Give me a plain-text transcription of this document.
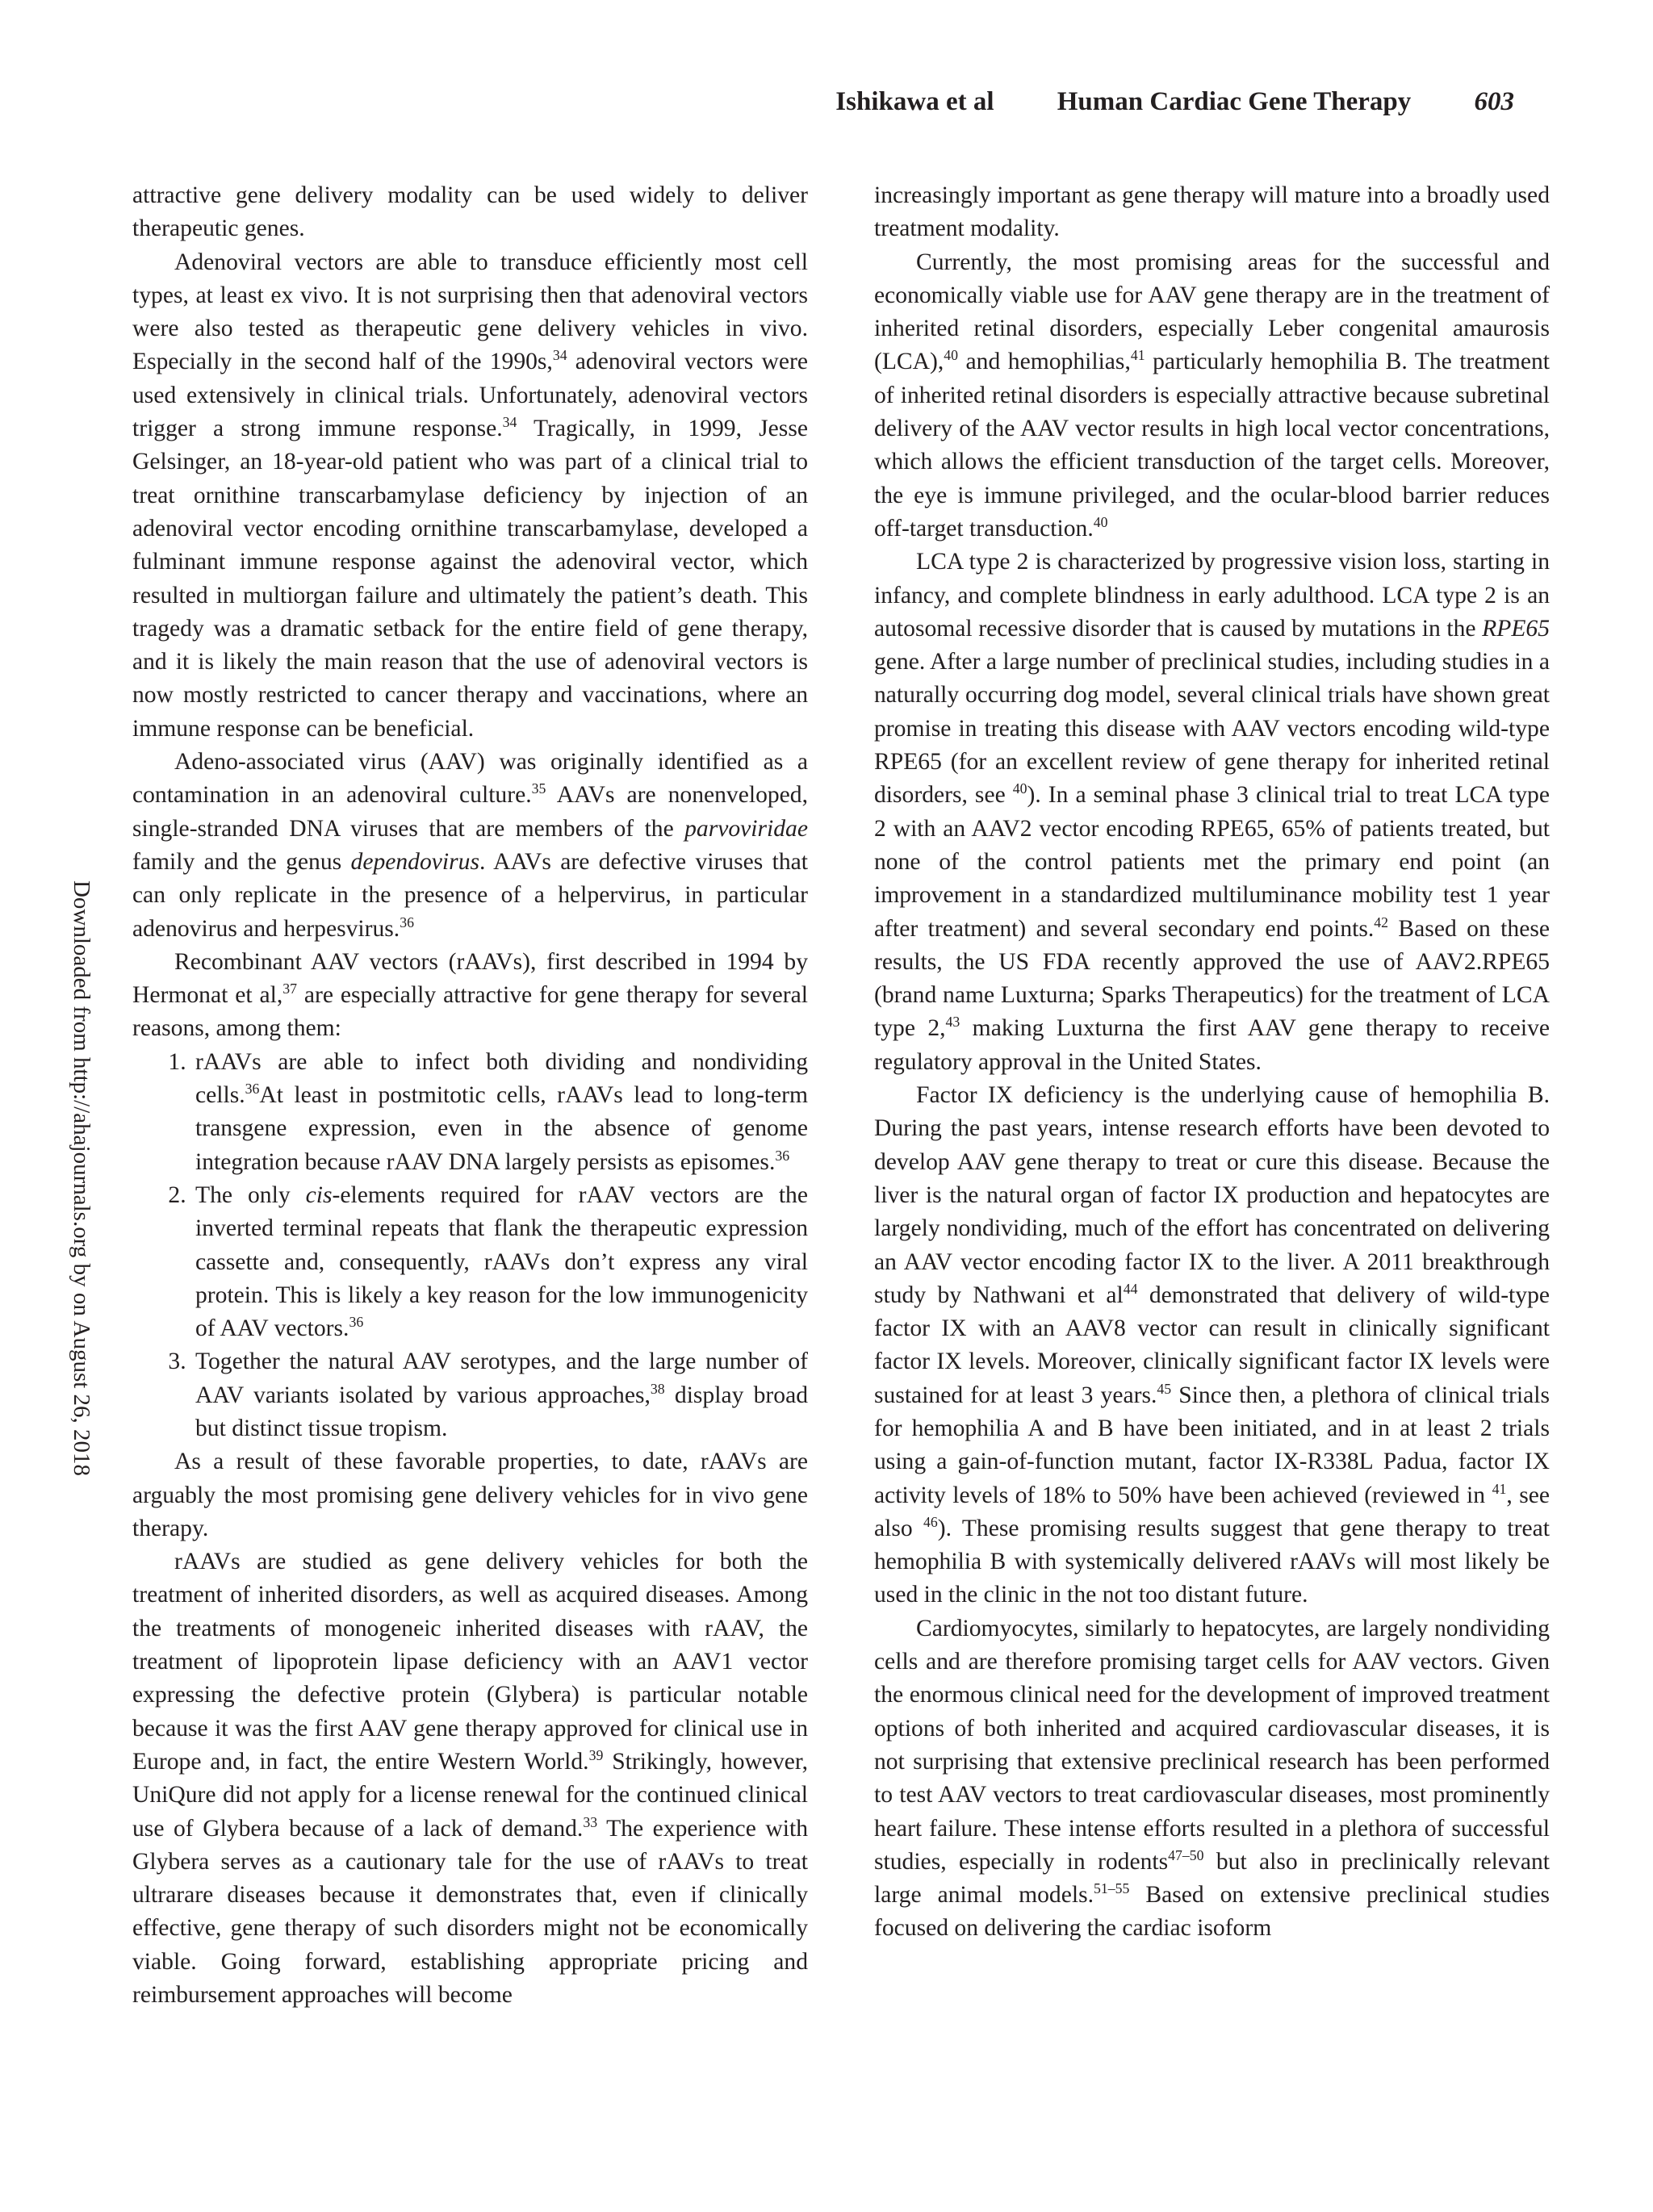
Ishikawa et al Human Cardiac Gene Therapy 603
Downloaded from http://ahajournals.org by on August 26, 2018

attractive gene delivery modality can be used widely to deliver therapeutic genes.

Adenoviral vectors are able to transduce efficiently most cell types, at least ex vivo. It is not surprising then that adenoviral vectors were also tested as therapeutic gene delivery vehicles in vivo. Especially in the second half of the 1990s,$^{34}$ adenoviral vectors were used extensively in clinical trials. Unfortunately, adenoviral vectors trigger a strong immune response.$^{34}$ Tragically, in 1999, Jesse Gelsinger, an 18-year-old patient who was part of a clinical trial to treat ornithine transcarbamylase deficiency by injection of an adenoviral vector encoding ornithine transcarbamylase, developed a fulminant immune response against the adenoviral vector, which resulted in multiorgan failure and ultimately the patient’s death. This tragedy was a dramatic setback for the entire field of gene therapy, and it is likely the main reason that the use of adenoviral vectors is now mostly restricted to cancer therapy and vaccinations, where an immune response can be beneficial.

Adeno-associated virus (AAV) was originally identified as a contamination in an adenoviral culture.$^{35}$ AAVs are nonenveloped, single-stranded DNA viruses that are members of the parvoviridae family and the genus dependovirus. AAVs are defective viruses that can only replicate in the presence of a helpervirus, in particular adenovirus and herpesvirus.$^{36}$

Recombinant AAV vectors (rAAVs), first described in 1994 by Hermonat et al,$^{37}$ are especially attractive for gene therapy for several reasons, among them:

1. rAAVs are able to infect both dividing and nondividing cells.$^{36}$At least in postmitotic cells, rAAVs lead to long-term transgene expression, even in the absence of genome integration because rAAV DNA largely persists as episomes.$^{36}$
2. The only cis-elements required for rAAV vectors are the inverted terminal repeats that flank the therapeutic expression cassette and, consequently, rAAVs don’t express any viral protein. This is likely a key reason for the low immunogenicity of AAV vectors.$^{36}$
3. Together the natural AAV serotypes, and the large number of AAV variants isolated by various approaches,$^{38}$ display broad but distinct tissue tropism.

As a result of these favorable properties, to date, rAAVs are arguably the most promising gene delivery vehicles for in vivo gene therapy.

rAAVs are studied as gene delivery vehicles for both the treatment of inherited disorders, as well as acquired diseases. Among the treatments of monogeneic inherited diseases with rAAV, the treatment of lipoprotein lipase deficiency with an AAV1 vector expressing the defective protein (Glybera) is particular notable because it was the first AAV gene therapy approved for clinical use in Europe and, in fact, the entire Western World.$^{39}$ Strikingly, however, UniQure did not apply for a license renewal for the continued clinical use of Glybera because of a lack of demand.$^{33}$ The experience with Glybera serves as a cautionary tale for the use of rAAVs to treat ultrarare diseases because it demonstrates that, even if clinically effective, gene therapy of such disorders might not be economically viable. Going forward, establishing appropriate pricing and reimbursement approaches will become

increasingly important as gene therapy will mature into a broadly used treatment modality.

Currently, the most promising areas for the successful and economically viable use for AAV gene therapy are in the treatment of inherited retinal disorders, especially Leber congenital amaurosis (LCA),$^{40}$ and hemophilias,$^{41}$ particularly hemophilia B. The treatment of inherited retinal disorders is especially attractive because subretinal delivery of the AAV vector results in high local vector concentrations, which allows the efficient transduction of the target cells. Moreover, the eye is immune privileged, and the ocular-blood barrier reduces off-target transduction.$^{40}$

LCA type 2 is characterized by progressive vision loss, starting in infancy, and complete blindness in early adulthood. LCA type 2 is an autosomal recessive disorder that is caused by mutations in the RPE65 gene. After a large number of preclinical studies, including studies in a naturally occurring dog model, several clinical trials have shown great promise in treating this disease with AAV vectors encoding wild-type RPE65 (for an excellent review of gene therapy for inherited retinal disorders, see $^{40}$). In a seminal phase 3 clinical trial to treat LCA type 2 with an AAV2 vector encoding RPE65, 65% of patients treated, but none of the control patients met the primary end point (an improvement in a standardized multiluminance mobility test 1 year after treatment) and several secondary end points.$^{42}$ Based on these results, the US FDA recently approved the use of AAV2.RPE65 (brand name Luxturna; Sparks Therapeutics) for the treatment of LCA type 2,43 making Luxturna the first AAV gene therapy to receive regulatory approval in the United States.

Factor IX deficiency is the underlying cause of hemophilia B. During the past years, intense research efforts have been devoted to develop AAV gene therapy to treat or cure this disease. Because the liver is the natural organ of factor IX production and hepatocytes are largely nondividing, much of the effort has concentrated on delivering an AAV vector encoding factor IX to the liver. A 2011 breakthrough study by Nathwani et $al^{44}$ demonstrated that delivery of wild-type factor IX with an AAV8 vector can result in clinically significant factor IX levels. Moreover, clinically significant factor IX levels were sustained for at least 3 years.$^{45}$ Since then, a plethora of clinical trials for hemophilia A and B have been initiated, and in at least 2 trials using a gain-of-function mutant, factor IX-R338L Padua, factor IX activity levels of 18% to 50% have been achieved (reviewed in $^{41}$, see also $^{46}$). These promising results suggest that gene therapy to treat hemophilia B with systemically delivered rAAVs will most likely be used in the clinic in the not too distant future.

Cardiomyocytes, similarly to hepatocytes, are largely nondividing cells and are therefore promising target cells for AAV vectors. Given the enormous clinical need for the development of improved treatment options of both inherited and acquired cardiovascular diseases, it is not surprising that extensive preclinical research has been performed to test AAV vectors to treat cardiovascular diseases, most prominently heart failure. These intense efforts resulted in a plethora of successful studies, especially in rodents$^{47-50}$ but also in preclinically relevant large animal models.$^{51-55}$ Based on extensive preclinical studies focused on delivering the cardiac isoform
